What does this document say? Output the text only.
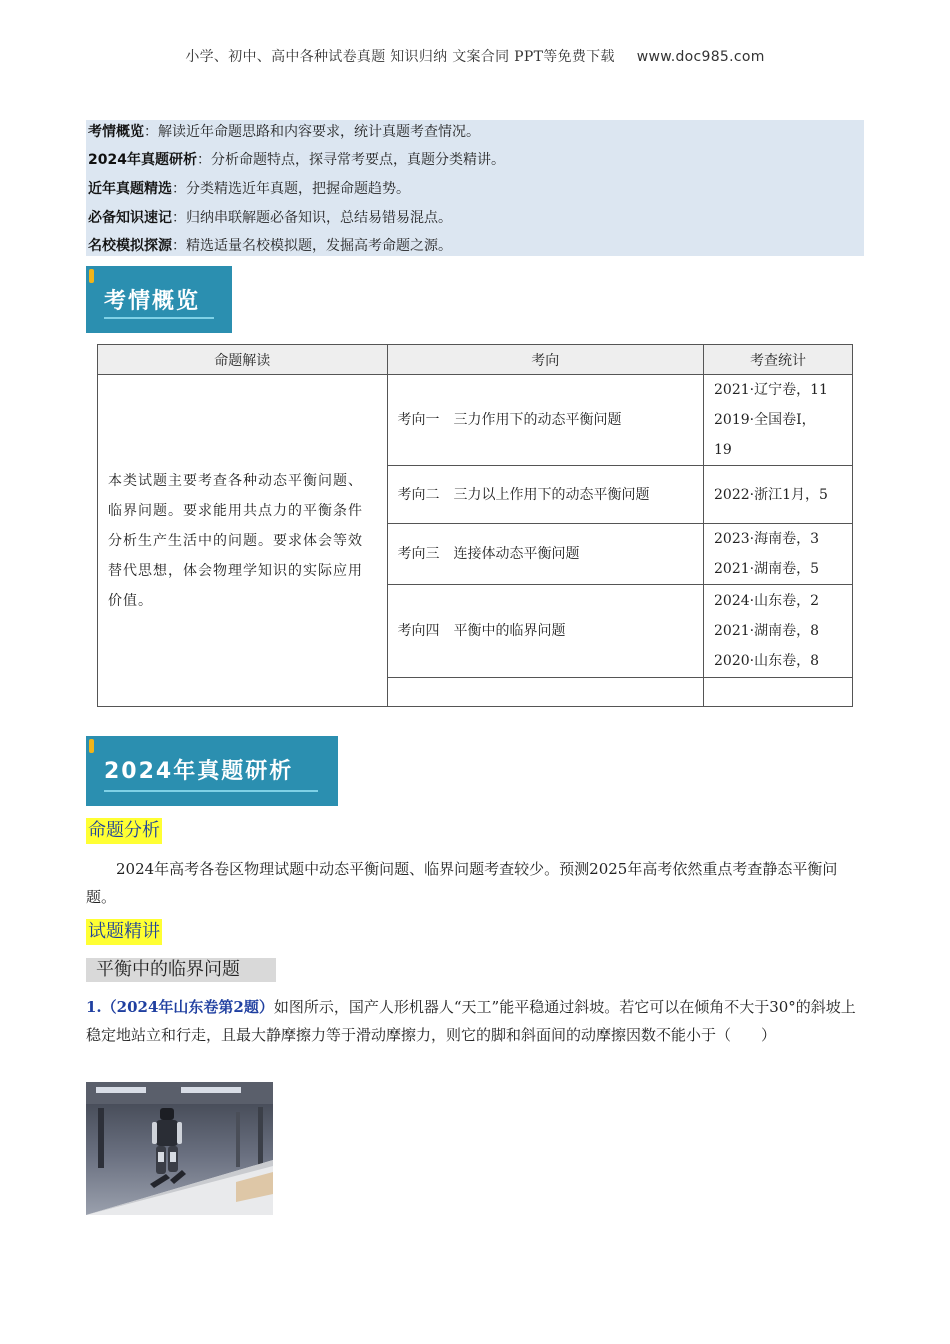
小学、初中、高中各种试卷真题 知识归纳 文案合同 PPT等免费下载 www.doc985.com
考情概览：解读近年命题思路和内容要求，统计真题考查情况。
2024年真题研析：分析命题特点，探寻常考要点，真题分类精讲。
近年真题精选：分类精选近年真题，把握命题趋势。
必备知识速记：归纳串联解题必备知识，总结易错易混点。
名校模拟探源：精选适量名校模拟题，发掘高考命题之源。
考情概览
命题解读	考向	考查统计
本类试题主要考查各种动态平衡问题、临界问题。要求能用共点力的平衡条件分析生产生活中的问题。要求体会等效替代思想，体会物理学知识的实际应用价值。	考向一　三力作用下的动态平衡问题	2021·辽宁卷，11
2019·全国卷Ⅰ，
19

	考向二　三力以上作用下的动态平衡问题	2022·浙江1月，5
	考向三　连接体动态平衡问题	2023·海南卷，3
2021·湖南卷，5

	考向四　平衡中的临界问题	2024·山东卷，2
2021·湖南卷，8
2020·山东卷，8

2024年真题研析
命题分析
2024年高考各卷区物理试题中动态平衡问题、临界问题考查较少。预测2025年高考依然重点考查静态平衡问题。
试题精讲
平衡中的临界问题
1.（2024年山东卷第2题）如图所示，国产人形机器人“天工”能平稳通过斜坡。若它可以在倾角不大于30°的斜坡上稳定地站立和行走，且最大静摩擦力等于滑动摩擦力，则它的脚和斜面间的动摩擦因数不能小于（　　）
